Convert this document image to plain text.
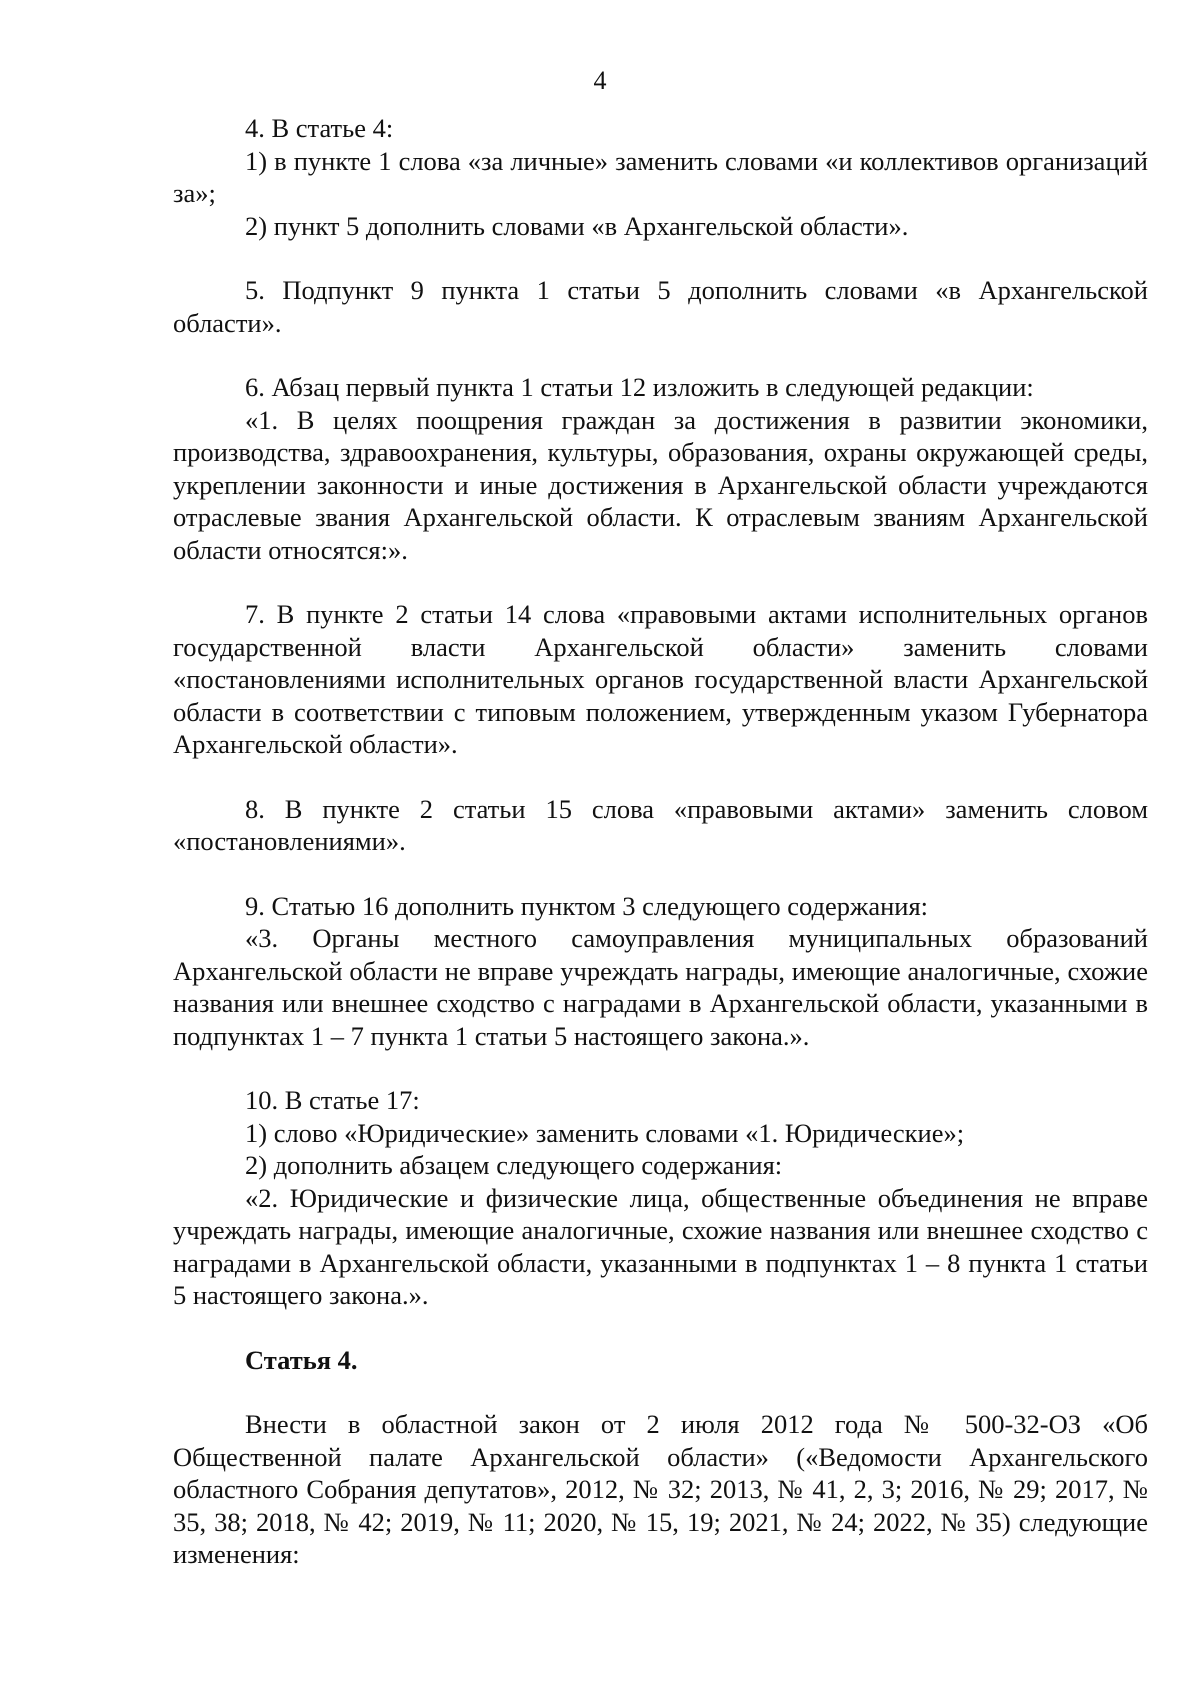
4

4. В статье 4:

1) в пункте 1 слова «за личные» заменить словами «и коллективов организаций за»;

2) пункт 5 дополнить словами «в Архангельской области».

5. Подпункт 9 пункта 1 статьи 5 дополнить словами «в Архангельской области».

6. Абзац первый пункта 1 статьи 12 изложить в следующей редакции:

«1. В целях поощрения граждан за достижения в развитии экономики, производства, здравоохранения, культуры, образования, охраны окружающей среды, укреплении законности и иные достижения в Архангельской области учреждаются отраслевые звания Архангельской области. К отраслевым званиям Архангельской области относятся:».

7. В пункте 2 статьи 14 слова «правовыми актами исполнительных органов государственной власти Архангельской области» заменить словами «постановлениями исполнительных органов государственной власти Архангельской области в соответствии с типовым положением, утвержденным указом Губернатора Архангельской области».

8. В пункте 2 статьи 15 слова «правовыми актами» заменить словом «постановлениями».

9. Статью 16 дополнить пунктом 3 следующего содержания:

«3. Органы местного самоуправления муниципальных образований Архангельской области не вправе учреждать награды, имеющие аналогичные, схожие названия или внешнее сходство с наградами в Архангельской области, указанными в подпунктах 1 – 7 пункта 1 статьи 5 настоящего закона.».

10. В статье 17:

1) слово «Юридические» заменить словами «1. Юридические»;

2) дополнить абзацем следующего содержания:

«2. Юридические и физические лица, общественные объединения не вправе учреждать награды, имеющие аналогичные, схожие названия или внешнее сходство с наградами в Архангельской области, указанными в подпунктах 1 – 8 пункта 1 статьи 5 настоящего закона.».

Статья 4.

Внести в областной закон от 2 июля 2012 года № 500-32-ОЗ «Об Общественной палате Архангельской области» («Ведомости Архангельского областного Собрания депутатов», 2012, № 32; 2013, № 41, 2, 3; 2016, № 29; 2017, № 35, 38; 2018, № 42; 2019, № 11; 2020, № 15, 19; 2021, № 24; 2022, № 35) следующие изменения:
